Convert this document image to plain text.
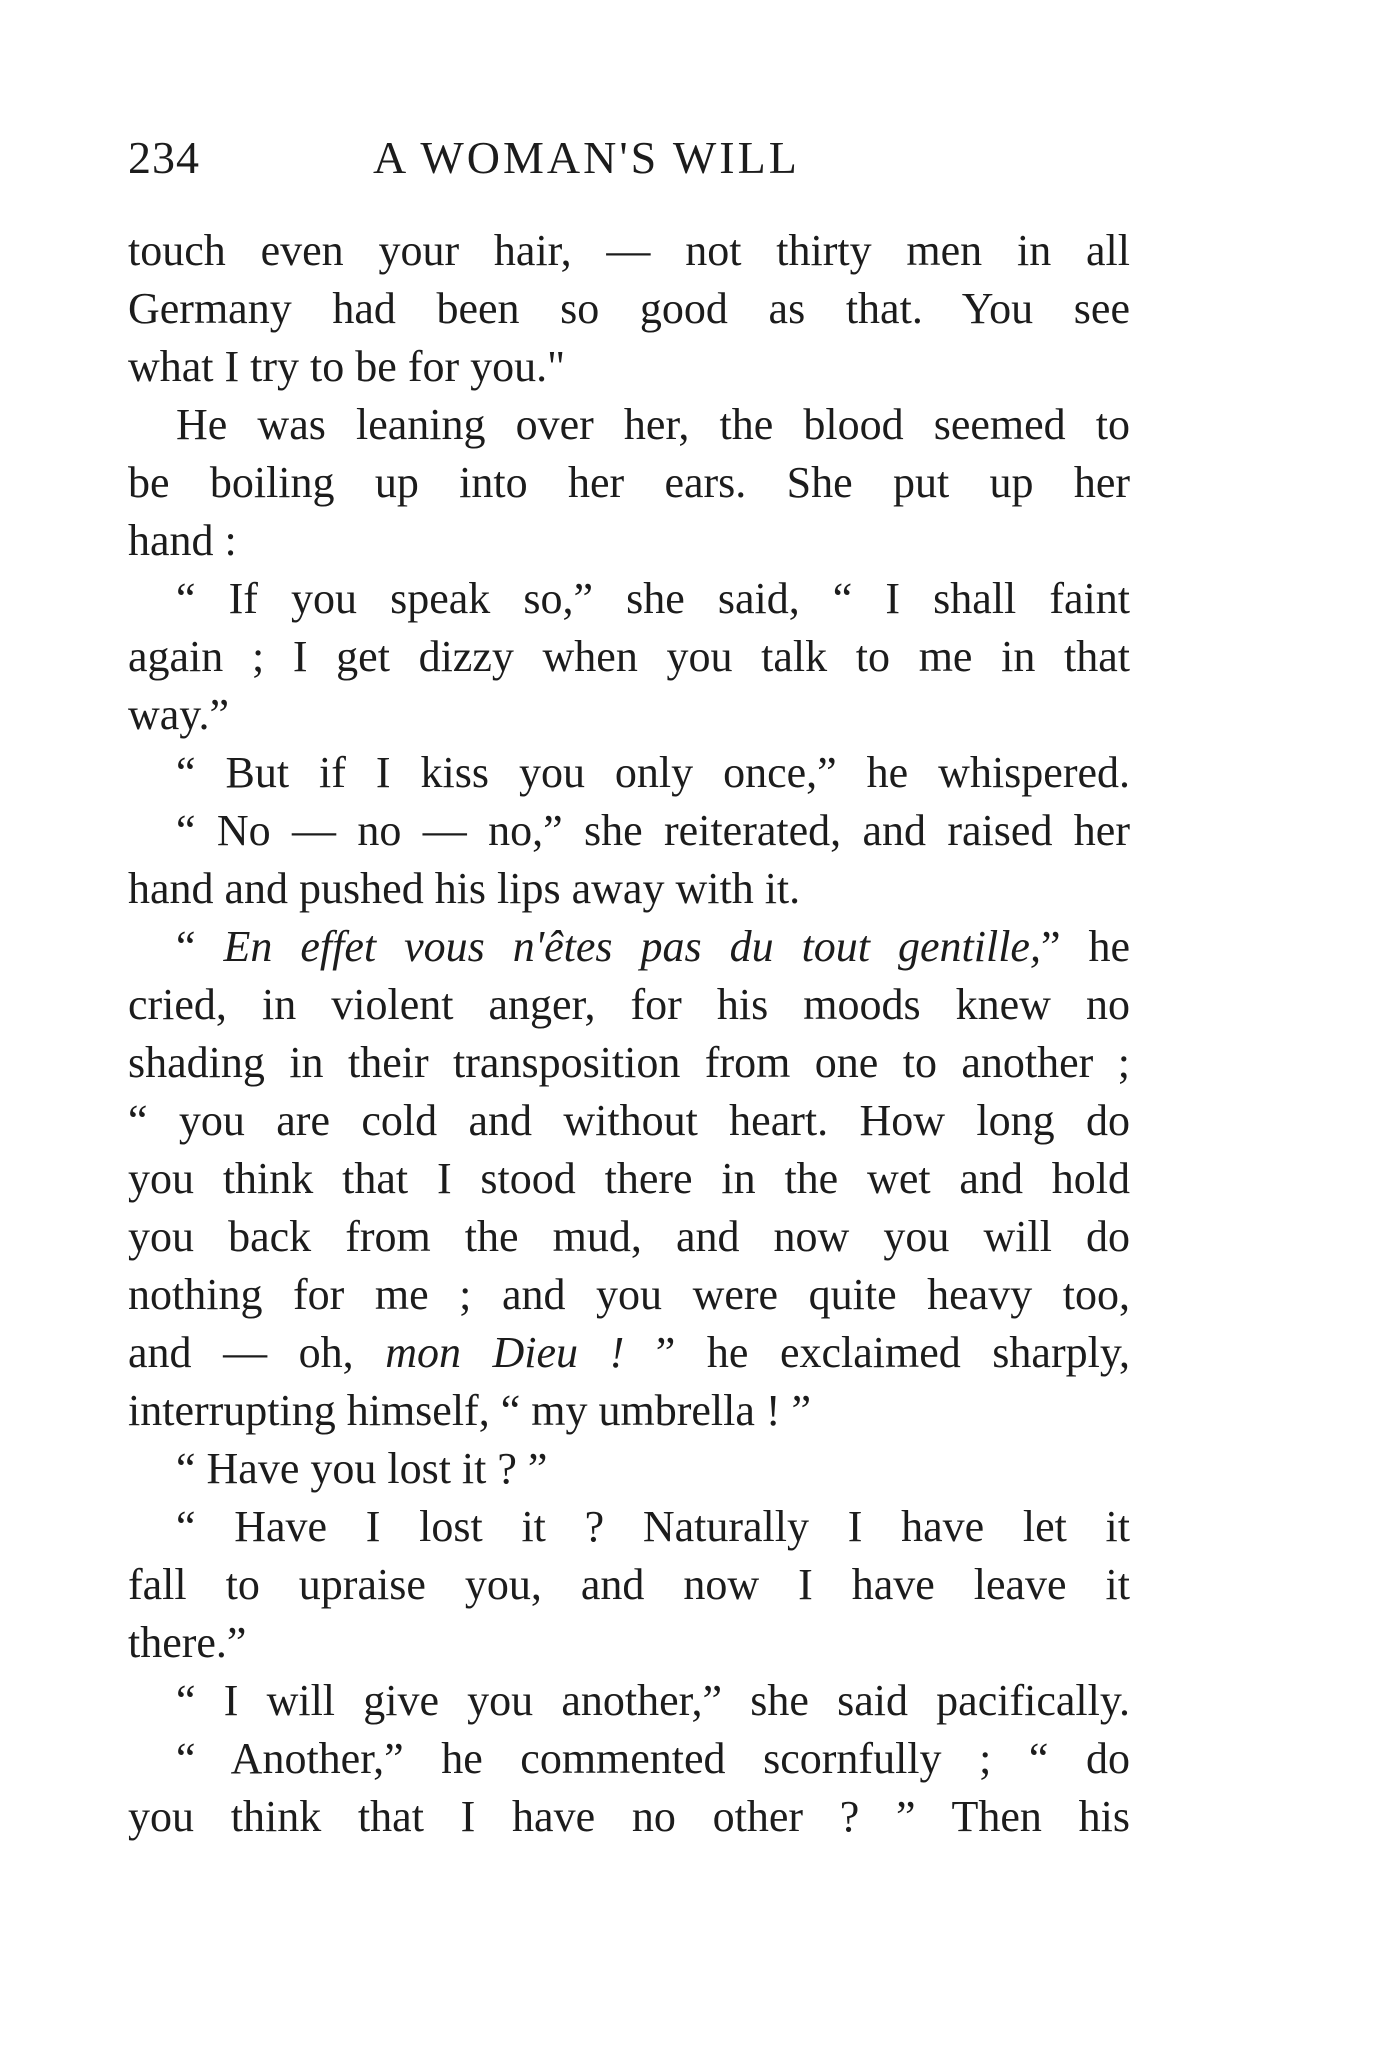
234	A WOMAN'S WILL
touch even your hair, — not thirty men in all
Germany had been so good as that. You see
what I try to be for you."
He was leaning over her, the blood seemed to
be boiling up into her ears. She put up her
hand :
“ If you speak so,” she said, “ I shall faint
again ; I get dizzy when you talk to me in that
way.”
“ But if I kiss you only once,” he whispered.
“ No — no — no,” she reiterated, and raised her
hand and pushed his lips away with it.
“ En effet vous n'êtes pas du tout gentille,” he
cried, in violent anger, for his moods knew no
shading in their transposition from one to another ;
“ you are cold and without heart. How long do
you think that I stood there in the wet and hold
you back from the mud, and now you will do
nothing for me ; and you were quite heavy too,
and — oh, mon Dieu ! ” he exclaimed sharply,
interrupting himself, “ my umbrella ! ”
“ Have you lost it ? ”
“ Have I lost it ? Naturally I have let it
fall to upraise you, and now I have leave it
there.”
“ I will give you another,” she said pacifically.
“ Another,” he commented scornfully ; “ do
you think that I have no other ? ” Then his
